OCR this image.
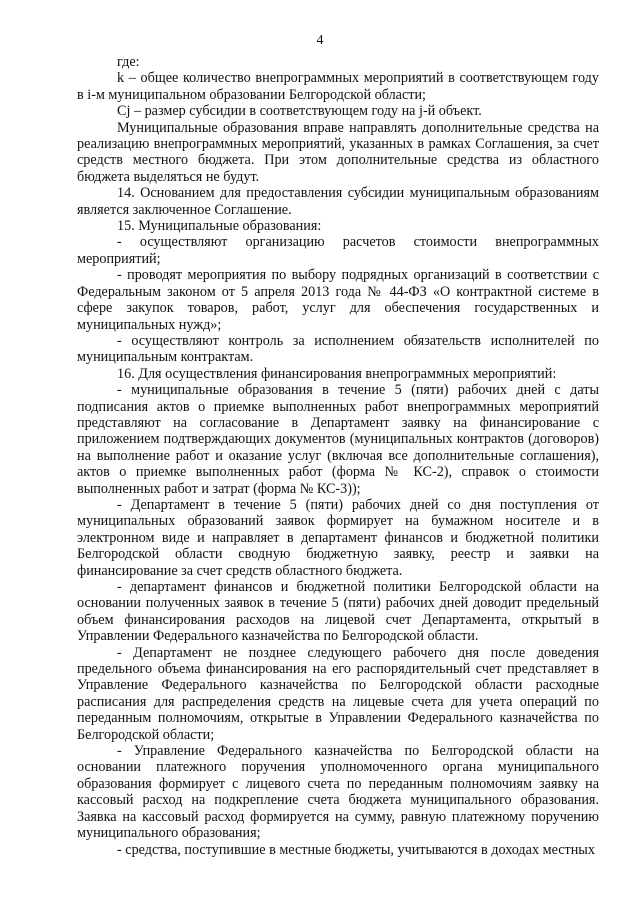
4

где:

k – общее количество внепрограммных мероприятий в соответствующем году в i-м муниципальном образовании Белгородской области;

Cj – размер субсидии в соответствующем году на j-й объект.

Муниципальные образования вправе направлять дополнительные средства на реализацию внепрограммных мероприятий, указанных в рамках Соглашения, за счет средств местного бюджета. При этом дополнительные средства из областного бюджета выделяться не будут.

14. Основанием для предоставления субсидии муниципальным образованиям является заключенное Соглашение.

15. Муниципальные образования:

- осуществляют организацию расчетов стоимости внепрограммных мероприятий;

- проводят мероприятия по выбору подрядных организаций в соответствии с Федеральным законом от 5 апреля 2013 года № 44-ФЗ «О контрактной системе в сфере закупок товаров, работ, услуг для обеспечения государственных и муниципальных нужд»;

- осуществляют контроль за исполнением обязательств исполнителей по муниципальным контрактам.

16. Для осуществления финансирования внепрограммных мероприятий:

- муниципальные образования в течение 5 (пяти) рабочих дней с даты подписания актов о приемке выполненных работ внепрограммных мероприятий представляют на согласование в Департамент заявку на финансирование с приложением подтверждающих документов (муниципальных контрактов (договоров) на выполнение работ и оказание услуг (включая все дополнительные соглашения), актов о приемке выполненных работ (форма № КС-2), справок о стоимости выполненных работ и затрат (форма № КС-3));

- Департамент в течение 5 (пяти) рабочих дней со дня поступления от муниципальных образований заявок формирует на бумажном носителе и в электронном виде и направляет в департамент финансов и бюджетной политики Белгородской области сводную бюджетную заявку, реестр и заявки на финансирование за счет средств областного бюджета.

- департамент финансов и бюджетной политики Белгородской области на основании полученных заявок в течение 5 (пяти) рабочих дней доводит предельный объем финансирования расходов на лицевой счет Департамента, открытый в Управлении Федерального казначейства по Белгородской области.

- Департамент не позднее следующего рабочего дня после доведения предельного объема финансирования на его распорядительный счет представляет в Управление Федерального казначейства по Белгородской области расходные расписания для распределения средств на лицевые счета для учета операций по переданным полномочиям, открытые в Управлении Федерального казначейства по Белгородской области;

- Управление Федерального казначейства по Белгородской области на основании платежного поручения уполномоченного органа муниципального образования формирует с лицевого счета по переданным полномочиям заявку на кассовый расход на подкрепление счета бюджета муниципального образования. Заявка на кассовый расход формируется на сумму, равную платежному поручению муниципального образования;

- средства, поступившие в местные бюджеты, учитываются в доходах местных
